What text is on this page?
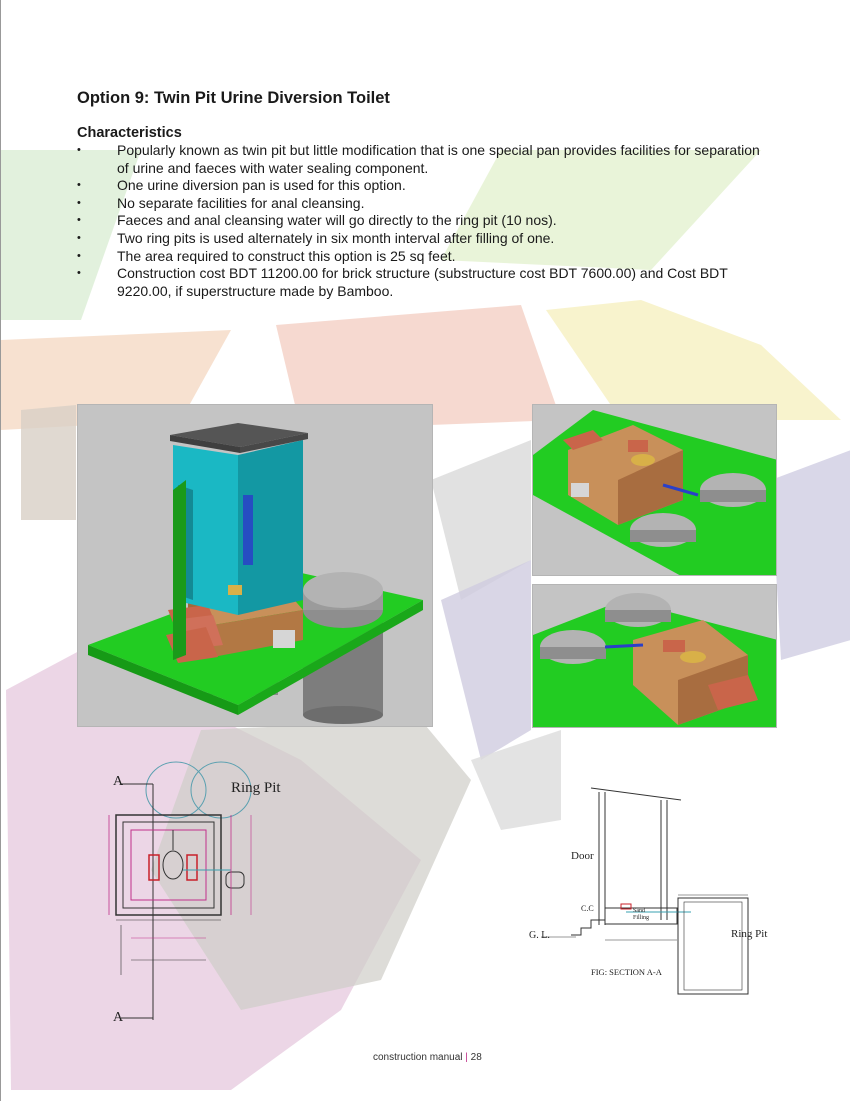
Option 9: Twin Pit Urine Diversion Toilet
Characteristics
• Popularly known as twin pit but little modification that is one special pan provides facilities for separation of urine and faeces with water sealing component.
• One urine diversion pan is used for this option.
• No separate facilities for anal cleansing.
• Faeces and anal cleansing water will go directly to the ring pit (10 nos).
• Two ring pits is used alternately in six month interval after filling of one.
• The area required to construct this option is 25 sq feet.
• Construction cost BDT 11200.00 for brick structure (substructure cost BDT 7600.00) and Cost BDT 9220.00, if superstructure made by Bamboo.
Ring Pit
A
A
Door
C.C	Sand
Filling
G. L.	Ring Pit
FIG: SECTION A-A
construction manual | 28
